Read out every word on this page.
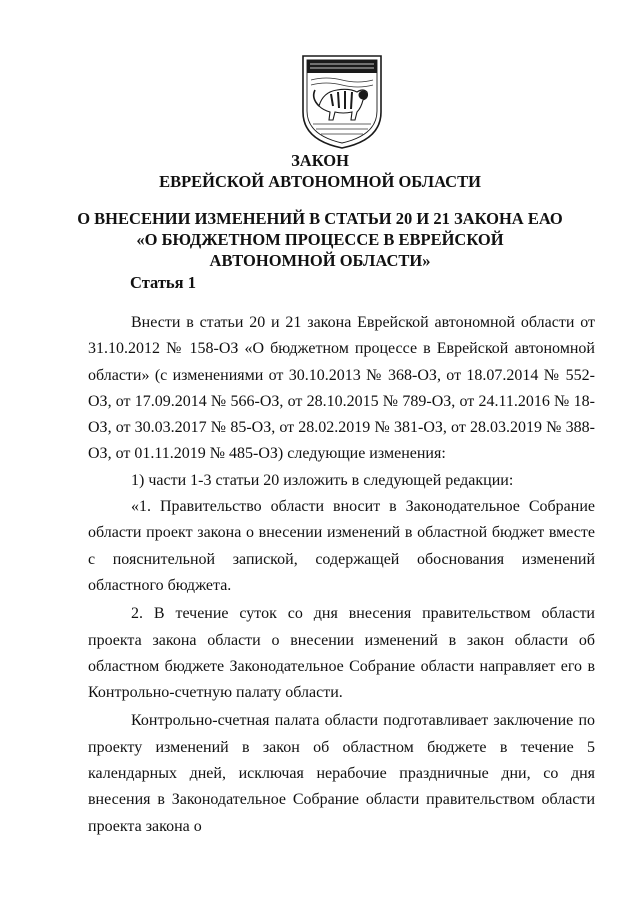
ЗАКОН
ЕВРЕЙСКОЙ АВТОНОМНОЙ ОБЛАСТИ
О ВНЕСЕНИИ ИЗМЕНЕНИЙ В СТАТЬИ 20 И 21 ЗАКОНА ЕАО
«О БЮДЖЕТНОМ ПРОЦЕССЕ В ЕВРЕЙСКОЙ
АВТОНОМНОЙ ОБЛАСТИ»
Статья 1

Внести в статьи 20 и 21 закона Еврейской автономной области от 31.10.2012 № 158-ОЗ «О бюджетном процессе в Еврейской автономной области» (с изменениями от 30.10.2013 № 368-ОЗ, от 18.07.2014 № 552-ОЗ, от 17.09.2014 № 566-ОЗ, от 28.10.2015 № 789-ОЗ, от 24.11.2016 № 18-ОЗ, от 30.03.2017 № 85-ОЗ, от 28.02.2019 № 381-ОЗ, от 28.03.2019 № 388-ОЗ, от 01.11.2019 № 485-ОЗ) следующие изменения:

1) части 1-3 статьи 20 изложить в следующей редакции:

«1. Правительство области вносит в Законодательное Собрание области проект закона о внесении изменений в областной бюджет вместе с пояснительной запиской, содержащей обоснования изменений областного бюджета.

2. В течение суток со дня внесения правительством области проекта закона области о внесении изменений в закон области об областном бюджете Законодательное Собрание области направляет его в Контрольно-счетную палату области.

Контрольно-счетная палата области подготавливает заключение по проекту изменений в закон об областном бюджете в течение 5 календарных дней, исключая нерабочие праздничные дни, со дня внесения в Законодательное Собрание области правительством области проекта закона о
